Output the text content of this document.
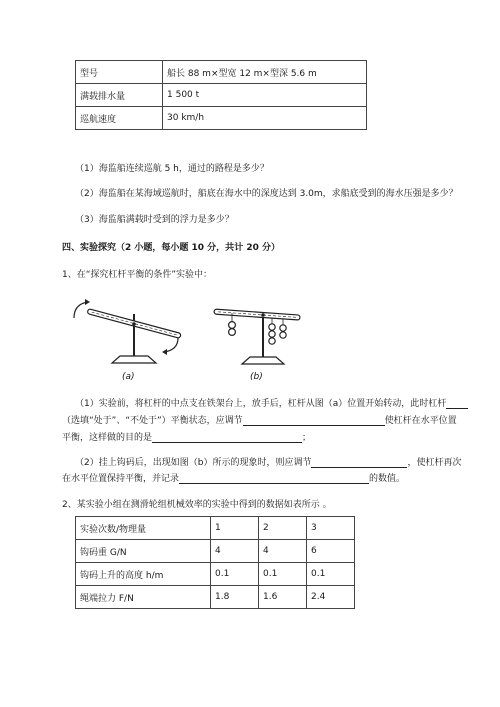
型号	船长 88 m×型宽 12 m×型深 5.6 m
满载排水量	1 500 t
巡航速度	30 km/h
（1）海监船连续巡航 5 h，通过的路程是多少？
（2）海监船在某海域巡航时，船底在海水中的深度达到 3.0m，求船底受到的海水压强是多少？
（3）海监船满载时受到的浮力是多少？
四、实验探究（2 小题，每小题 10 分，共计 20 分）
1、在“探究杠杆平衡的条件”实验中：
(a)	(b)
（1）实验前，将杠杆的中点支在铁架台上，放手后，杠杆从图（a）位置开始转动，此时杠杆
（选填“处于”、“不处于”）平衡状态，应调节	使杠杆在水平位置
平衡，这样做的目的是	；
（2）挂上钩码后，出现如图（b）所示的现象时，则应调节	，使杠杆再次
在水平位置保持平衡，并记录	的数值。
2、某实验小组在测滑轮组机械效率的实验中得到的数据如表所示 。
实验次数/物理量	1	2	3
钩码重 G/N	4	4	6
钩码上升的高度 h/m	0.1	0.1	0.1
绳端拉力 F/N	1.8	1.6	2.4
